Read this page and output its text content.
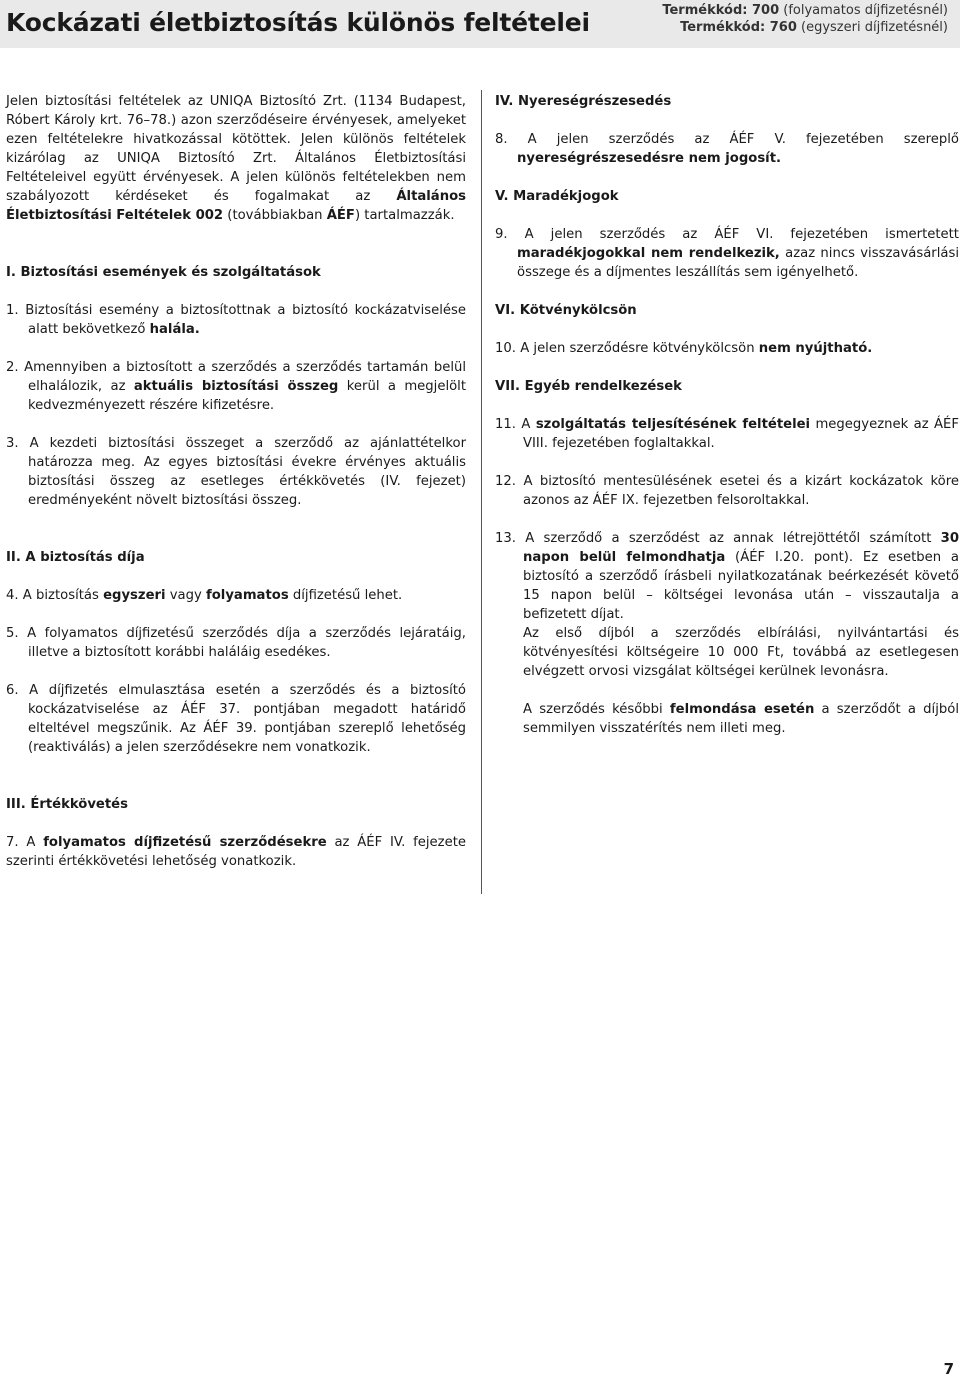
Kockázati életbiztosítás különös feltételei	Termékkód: 700 (folyamatos díjfizetésnél)
Termékkód: 760 (egyszeri díjfizetésnél)

Jelen biztosítási feltételek az UNIQA Biztosító Zrt. (1134 Budapest, Róbert Károly krt. 76–78.) azon szerződéseire érvényesek, amelyeket ezen feltételekre hivatkozással kötöttek. Jelen különös feltételek kizárólag az UNIQA Biztosító Zrt. Általános Életbiztosítási Feltételeivel együtt érvényesek. A jelen különös feltételekben nem szabályozott kérdéseket és fogalmakat az Általános Életbiztosítási Feltételek 002 (továbbiakban ÁÉF) tartalmazzák.

I. Biztosítási események és szolgáltatások

1. Biztosítási esemény a biztosítottnak a biztosító kockázatviselése alatt bekövetkező halála.

2. Amennyiben a biztosított a szerződés a szerződés tartamán belül elhalálozik, az aktuális biztosítási összeg kerül a megjelölt kedvezményezett részére kifizetésre.

3. A kezdeti biztosítási összeget a szerződő az ajánlattételkor határozza meg. Az egyes biztosítási évekre érvényes aktuális biztosítási összeg az esetleges értékkövetés (IV. fejezet) eredményeként növelt biztosítási összeg.

II. A biztosítás díja

4. A biztosítás egyszeri vagy folyamatos díjfizetésű lehet.

5. A folyamatos díjfizetésű szerződés díja a szerződés lejáratáig, illetve a biztosított korábbi haláláig esedékes.

6. A díjfizetés elmulasztása esetén a szerződés és a biztosító kockázatviselése az ÁÉF 37. pontjában megadott határidő elteltével megszűnik. Az ÁÉF 39. pontjában szereplő lehetőség (reaktiválás) a jelen szerződésekre nem vonatkozik.

III. Értékkövetés

7. A folyamatos díjfizetésű szerződésekre az ÁÉF IV. fejezete szerinti értékkövetési lehetőség vonatkozik.

IV. Nyereségrészesedés

8. A jelen szerződés az ÁÉF V. fejezetében szereplő nyereségrészesedésre nem jogosít.

V. Maradékjogok

9. A jelen szerződés az ÁÉF VI. fejezetében ismertetett maradékjogokkal nem rendelkezik, azaz nincs visszavásárlási összege és a díjmentes leszállítás sem igényelhető.

VI. Kötvénykölcsön

10. A jelen szerződésre kötvénykölcsön nem nyújtható.

VII. Egyéb rendelkezések

11. A szolgáltatás teljesítésének feltételei megegyeznek az ÁÉF VIII. fejezetében foglaltakkal.

12. A biztosító mentesülésének esetei és a kizárt kockázatok köre azonos az ÁÉF IX. fejezetben felsoroltakkal.

13. A szerződő a szerződést az annak létrejöttétől számított 30 napon belül felmondhatja (ÁÉF I.20. pont). Ez esetben a biztosító a szerződő írásbeli nyilatkozatának beérkezését követő 15 napon belül – költségei levonása után – visszautalja a befizetett díjat.

Az első díjból a szerződés elbírálási, nyilvántartási és kötvényesítési költségeire 10 000 Ft, továbbá az esetlegesen elvégzett orvosi vizsgálat költségei kerülnek levonásra.
A szerződés későbbi felmondása esetén a szerződőt a díjból semmilyen visszatérítés nem illeti meg.
7
